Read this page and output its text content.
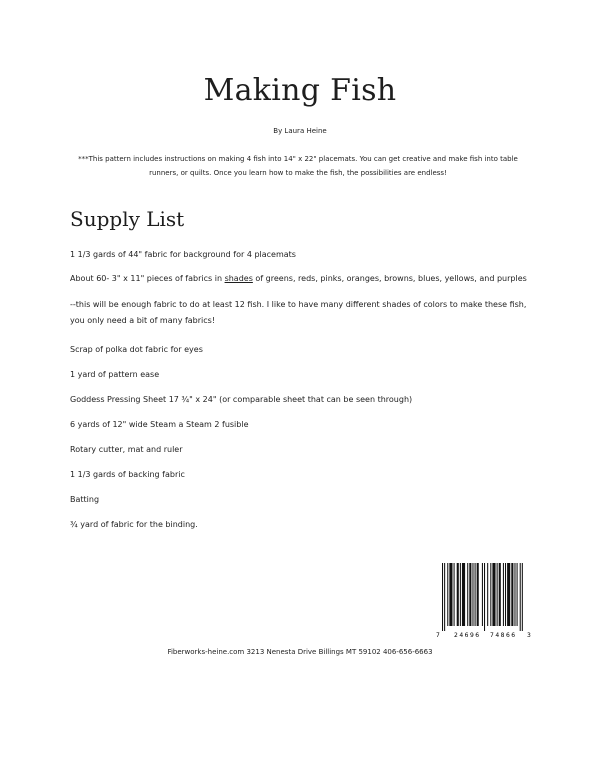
Making Fish
By Laura Heine
***This pattern includes instructions on making 4 fish into 14" x 22" placemats. You can get creative and make fish into table runners, or quilts. Once you learn how to make the fish, the possibilities are endless!
Supply List
1 1/3 gards of 44" fabric for background for 4 placemats
About 60- 3" x 11" pieces of fabrics in shades of greens, reds, pinks, oranges, browns, blues, yellows, and purples
--this will be enough fabric to do at least 12 fish. I like to have many different shades of colors to make these fish, you only need a bit of many fabrics!
Scrap of polka dot fabric for eyes
1 yard of pattern ease
Goddess Pressing Sheet 17 ¾" x 24" (or comparable sheet that can be seen through)
6 yards of 12" wide Steam a Steam 2 fusible
Rotary cutter, mat and ruler
1 1/3 gards of backing fabric
Batting
¾ yard of fabric for the binding.
7 24696 74866 3
Fiberworks-heine.com 3213 Nenesta Drive Billings MT 59102 406-656-6663
